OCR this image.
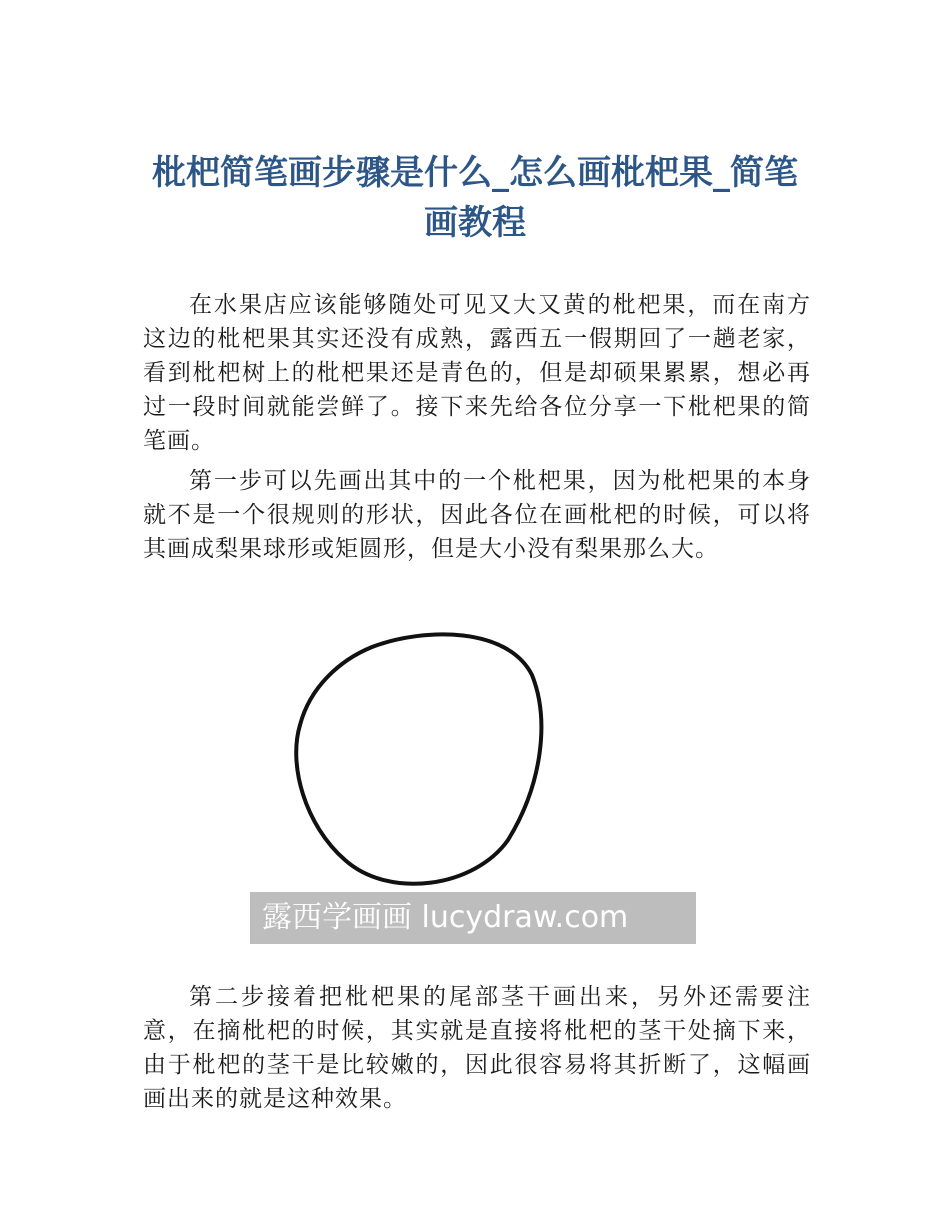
枇杷简笔画步骤是什么_怎么画枇杷果_简笔画教程

在水果店应该能够随处可见又大又黄的枇杷果，而在南方这边的枇杷果其实还没有成熟，露西五一假期回了一趟老家，看到枇杷树上的枇杷果还是青色的，但是却硕果累累，想必再过一段时间就能尝鲜了。接下来先给各位分享一下枇杷果的简笔画。

第一步可以先画出其中的一个枇杷果，因为枇杷果的本身就不是一个很规则的形状，因此各位在画枇杷的时候，可以将其画成梨果球形或矩圆形，但是大小没有梨果那么大。

露西学画画 lucydraw.com

第二步接着把枇杷果的尾部茎干画出来，另外还需要注意，在摘枇杷的时候，其实就是直接将枇杷的茎干处摘下来，由于枇杷的茎干是比较嫩的，因此很容易将其折断了，这幅画画出来的就是这种效果。
